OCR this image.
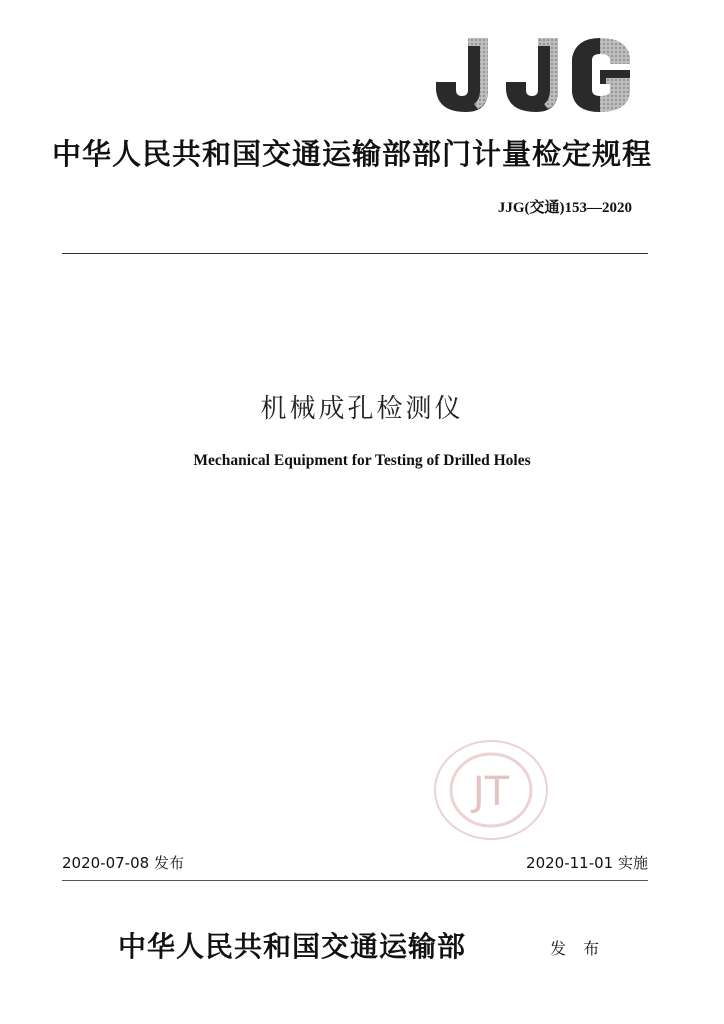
中华人民共和国交通运输部部门计量检定规程
JJG(交通)153—2020
机械成孔检测仪
Mechanical Equipment for Testing of Drilled Holes
JT
2020-07-08 发布	2020-11-01 实施
中华人民共和国交通运输部	发 布
